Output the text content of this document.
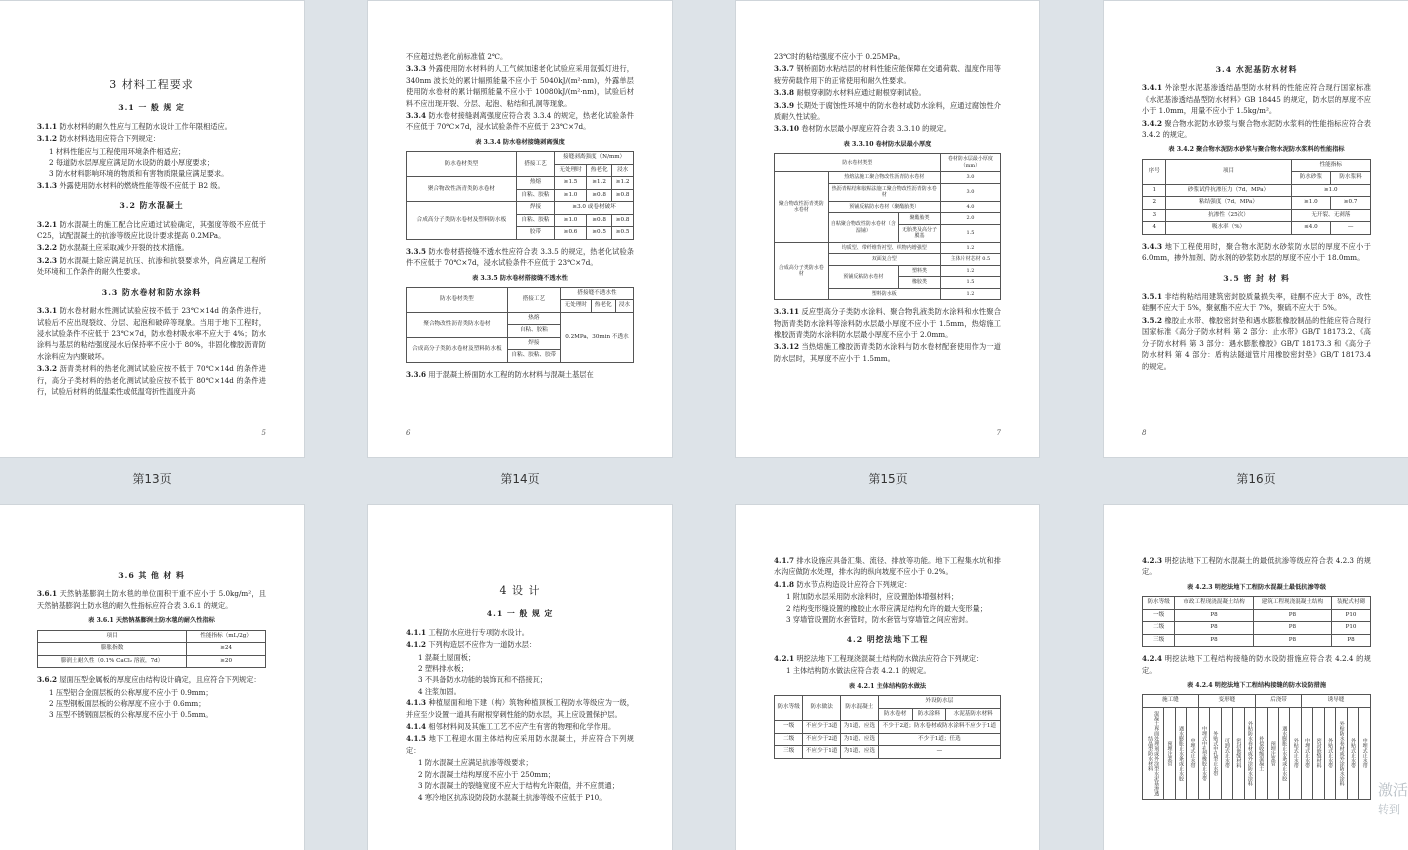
3 材料工程要求
3.1 一 般 规 定

3.1.1 防水材料的耐久性应与工程防水设计工作年限相适应。

3.1.2 防水材料选用应符合下列规定：

1 材料性能应与工程使用环境条件相适应；

2 每道防水层厚度应满足防水设防的最小厚度要求；

3 防水材料影响环境的物质和有害物质限量应满足要求。

3.1.3 外露使用防水材料的燃烧性能等级不应低于 B2 级。

3.2 防水混凝土

3.2.1 防水混凝土的施工配合比应通过试验确定，其强度等级不应低于 C25，试配混凝土的抗渗等级应比设计要求提高 0.2MPa。

3.2.2 防水混凝土应采取减少开裂的技术措施。

3.2.3 防水混凝土除应满足抗压、抗渗和抗裂要求外，尚应满足工程所处环境和工作条件的耐久性要求。

3.3 防水卷材和防水涂料

3.3.1 防水卷材耐水性测试试验应按不低于 23℃×14d 的条件进行，试验后不应出现裂纹、分层、起泡和破碎等现象。当用于地下工程时，浸水试验条件不应低于 23℃×7d，防水卷材吸水率不应大于 4%；防水涂料与基层的粘结强度浸水后保持率不应小于 80%，非固化橡胶沥青防水涂料应为内聚破坏。

3.3.2 沥青类材料的热老化测试试验应按不低于 70℃×14d 的条件进行，高分子类材料的热老化测试试验应按不低于 80℃×14d 的条件进行，试验后材料的低温柔性或低温弯折性温度升高

5
第13页

不应超过热老化前标准值 2℃。

3.3.3 外露使用防水材料的人工气候加速老化试验应采用氙弧灯进行，340nm 波长处的累计辐照能量不应小于 5040kJ/(m²·nm)，外露单层使用防水卷材的累计辐照能量不应小于 10080kJ/(m²·nm)，试验后材料不应出现开裂、分层、起泡、粘结和孔洞等现象。

3.3.4 防水卷材接缝剥离强度应符合表 3.3.4 的规定，热老化试验条件不应低于 70℃×7d，浸水试验条件不应低于 23℃×7d。

表 3.3.4 防水卷材接缝剥离强度
防水卷材类型	搭接工艺	接缝剥离强度（N/mm）		
		无处理时	热老化	浸水
聚合物改性沥青类防水卷材	热熔	≥1.5	≥1.2	≥1.2
	自粘、胶粘	≥1.0	≥0.8	≥0.8
合成高分子类防水卷材及塑料防水板	焊接	≥3.0 或卷材破坏		
	自粘、胶粘	≥1.0	≥0.8	≥0.8
	胶带	≥0.6	≥0.5	≥0.5

3.3.5 防水卷材搭接缝不透水性应符合表 3.3.5 的规定，热老化试验条件不应低于 70℃×7d，浸水试验条件不应低于 23℃×7d。

表 3.3.5 防水卷材搭接缝不透水性
防水卷材类型	搭接工艺	搭接缝不透水性		
		无处理时	热老化	浸水
聚合物改性沥青类防水卷材	热熔	0.2MPa，30min 不透水		
	自粘、胶粘			
合成高分子类防水卷材及塑料防水板	焊接			
	自粘、胶粘、胶带			

3.3.6 用于混凝土桥面防水工程的防水材料与混凝土基层在

6
第14页

23℃时的粘结强度不应小于 0.25MPa。

3.3.7 钢桥面防水粘结层的材料性能应能保障在交通荷载、温度作用等疲劳荷载作用下的正常使用和耐久性要求。

3.3.8 耐根穿刺防水材料应通过耐根穿刺试验。

3.3.9 长期处于腐蚀性环境中的防水卷材或防水涂料，应通过腐蚀性介质耐久性试验。

3.3.10 卷材防水层最小厚度应符合表 3.3.10 的规定。

表 3.3.10 卷材防水层最小厚度
防水卷材类型			卷材防水层最小厚度（mm）
聚合物改性沥青类防水卷材	热熔法施工聚合物改性沥青防水卷材		3.0
	热沥青粘结和胶粘法施工聚合物改性沥青防水卷材		3.0
	预铺反粘防水卷材（聚酯胎类）		4.0
	自粘聚合物改性防水卷材（含湿铺）	聚酯胎类	2.0
		无胎类及高分子膜基	1.5
合成高分子类防水卷材	均质型、带纤维背衬型、织物内增强型		1.2
	双面复合型		主体片材芯材 0.5
	预铺反粘防水卷材	塑料类	1.2
		橡胶类	1.5
	塑料防水板		1.2

3.3.11 反应型高分子类防水涂料、聚合物乳液类防水涂料和水性聚合物沥青类防水涂料等涂料防水层最小厚度不应小于 1.5mm，热熔施工橡胶沥青类防水涂料防水层最小厚度不应小于 2.0mm。

3.3.12 当热熔施工橡胶沥青类防水涂料与防水卷材配套使用作为一道防水层时，其厚度不应小于 1.5mm。

7
第15页
3.4 水泥基防水材料

3.4.1 外涂型水泥基渗透结晶型防水材料的性能应符合现行国家标准《水泥基渗透结晶型防水材料》GB 18445 的规定，防水层的厚度不应小于 1.0mm，用量不应小于 1.5kg/m²。

3.4.2 聚合物水泥防水砂浆与聚合物水泥防水浆料的性能指标应符合表 3.4.2 的规定。

表 3.4.2 聚合物水泥防水砂浆与聚合物水泥防水浆料的性能指标
序号	项目	性能指标	
		防水砂浆	防水浆料
1	砂浆试件抗渗压力（7d，MPa）	≥1.0	
2	粘结强度（7d，MPa）	≥1.0	≥0.7
3	抗渗性（25次）	无开裂、无剥落	
4	吸水率（%）	≤4.0	—

3.4.3 地下工程使用时，聚合物水泥防水砂浆防水层的厚度不应小于 6.0mm，掺外加剂、防水剂的砂浆防水层的厚度不应小于 18.0mm。

3.5 密 封 材 料

3.5.1 非结构粘结用建筑密封胶质量损失率，硅酮不应大于 8%，改性硅酮不应大于 5%，聚氨酯不应大于 7%，聚硫不应大于 5%。

3.5.2 橡胶止水带、橡胶密封垫和遇水膨胀橡胶制品的性能应符合现行国家标准《高分子防水材料 第 2 部分：止水带》GB/T 18173.2、《高分子防水材料 第 3 部分：遇水膨胀橡胶》GB/T 18173.3 和《高分子防水材料 第 4 部分：盾构法隧道管片用橡胶密封垫》GB/T 18173.4 的规定。

8
第16页
3.6 其 他 材 料

3.6.1 天然钠基膨润土防水毯的单位面积干重不应小于 5.0kg/m²，且天然钠基膨润土防水毯的耐久性指标应符合表 3.6.1 的规定。

表 3.6.1 天然钠基膨润土防水毯的耐久性指标
项目	性能指标（mL/2g）
膨胀指数	≥24
膨润土耐久性（0.1% CaCl₂ 溶液，7d）	≥20

3.6.2 屋面压型金属板的厚度应由结构设计确定，且应符合下列规定：

1 压型铝合金面层板的公称厚度不应小于 0.9mm；

2 压型钢板面层板的公称厚度不应小于 0.6mm；

3 压型不锈钢面层板的公称厚度不应小于 0.5mm。

4 设 计
4.1 一 般 规 定

4.1.1 工程防水应进行专项防水设计。

4.1.2 下列构造层不应作为一道防水层：

1 混凝土屋面板；

2 塑料排水板；

3 不具备防水功能的装饰瓦和不搭接瓦；

4 注浆加固。

4.1.3 种植屋面和地下建（构）筑物种植顶板工程防水等级应为一级，并应至少设置一道具有耐根穿刺性能的防水层，其上应设置保护层。

4.1.4 相邻材料间及其施工工艺不应产生有害的物理和化学作用。

4.1.5 地下工程迎水面主体结构应采用防水混凝土，并应符合下列规定：

1 防水混凝土应满足抗渗等级要求；

2 防水混凝土结构厚度不应小于 250mm；

3 防水混凝土的裂缝宽度不应大于结构允许限值，并不应贯通；

4 寒冷地区抗冻设防段防水混凝土抗渗等级不应低于 P10。

4.1.7 排水设施应具备汇集、流径、排放等功能。地下工程集水坑和排水沟应做防水处理，排水沟的纵向坡度不应小于 0.2%。

4.1.8 防水节点构造设计应符合下列规定：

1 附加防水层采用防水涂料时，应设置胎体增强材料；

2 结构变形缝设置的橡胶止水带应满足结构允许的最大变形量；

3 穿墙管设置防水套管时，防水套管与穿墙管之间应密封。

4.2 明挖法地下工程

4.2.1 明挖法地下工程现浇混凝土结构防水做法应符合下列规定：

1 主体结构防水做法应符合表 4.2.1 的规定。

表 4.2.1 主体结构防水做法
防水等级	防水做法	防水混凝土	外设防水层		
			防水卷材	防水涂料	水泥基防水材料
一级	不应少于3道	为1道，应选	不少于2道；防水卷材或防水涂料不应少于1道		
二级	不应少于2道	为1道，应选	不少于1道；任选		
三级	不应少于1道	为1道，应选	—		

4.2.3 明挖法地下工程防水混凝土的最低抗渗等级应符合表 4.2.3 的规定。

表 4.2.3 明挖法地下工程防水混凝土最低抗渗等级
防水等级	市政工程现浇混凝土结构	建筑工程现浇混凝土结构	装配式衬砌
一级	P8	P8	P10
二级	P8	P8	P10
三级	P8	P8	P8

4.2.4 明挖法地下工程结构接缝的防水设防措施应符合表 4.2.4 的规定。

表 4.2.4 明挖法地下工程结构接缝的防水设防措施
施工缝				变形缝					后浇带				诱导缝					
混凝土界面处理剂或外涂型水泥基渗透结晶型防水材料	预埋注浆管	遇水膨胀止水条或止水胶	中埋式止水带	中埋式中孔型橡胶止水带	外贴式中孔型止水带	可卸式止水带	密封嵌缝材料	外贴防水卷材或外涂防水涂料	补偿收缩混凝土	预埋注浆管	遇水膨胀止水条或止水胶	外贴式止水带	中埋式止水带	密封嵌缝材料	外贴式止水带	外贴防水卷材或外涂防水涂料	外贴式止水带	中埋式止水带
激活
转到
